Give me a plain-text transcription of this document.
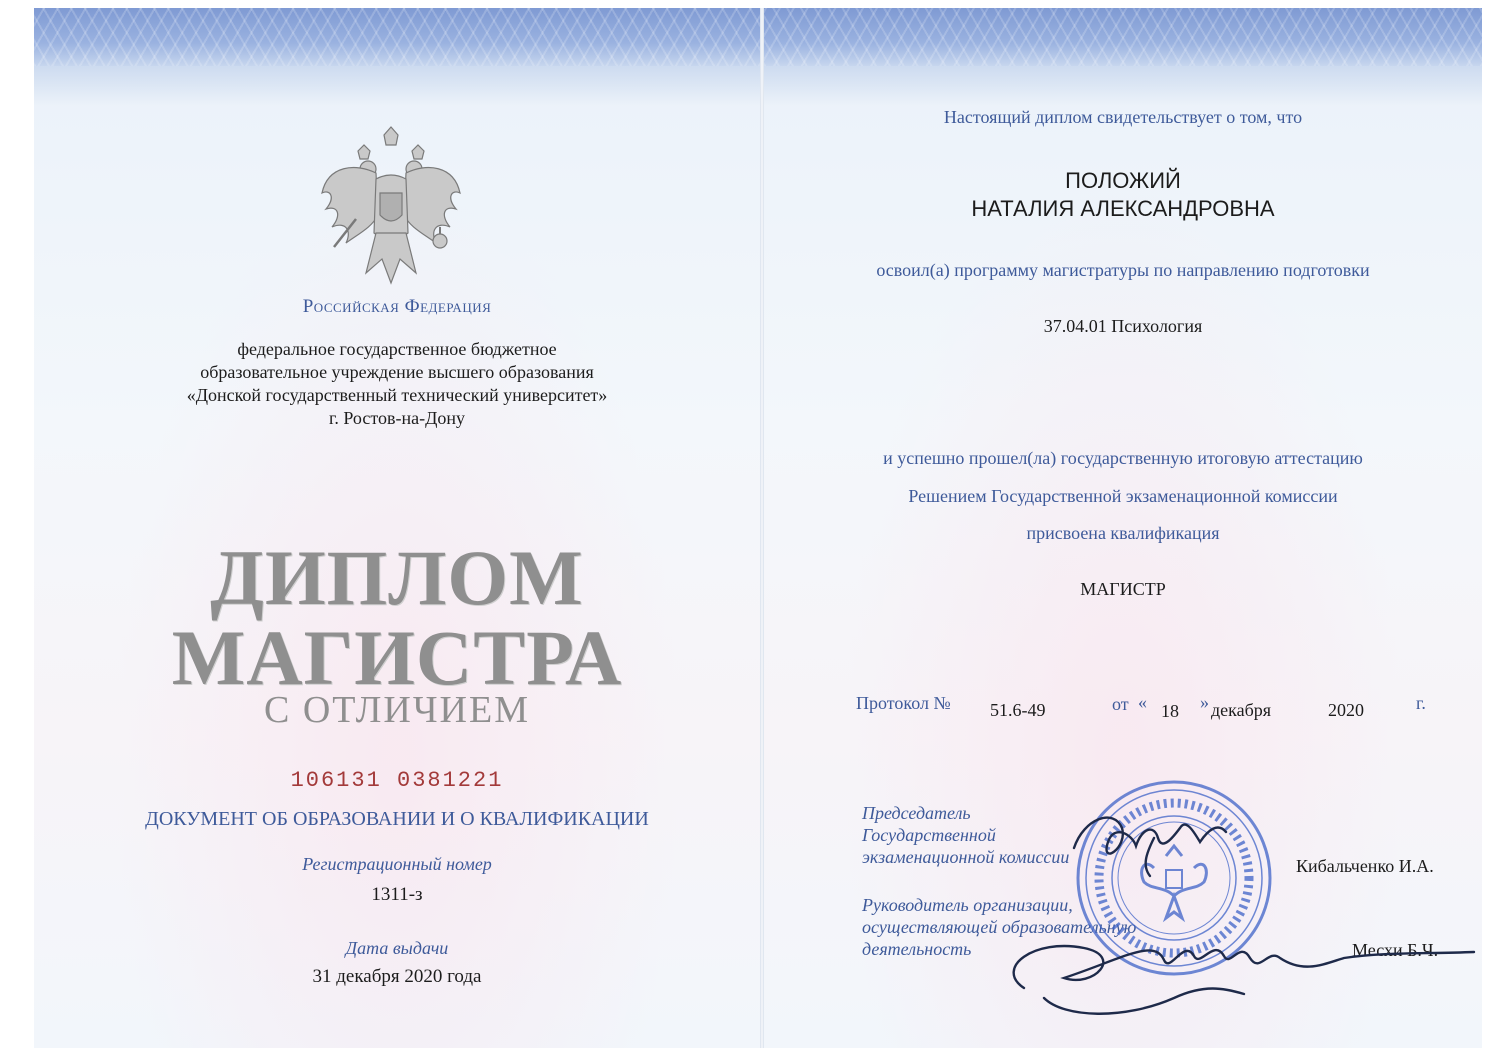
Российская Федерация
федеральное государственное бюджетное
образовательное учреждение высшего образования
«Донской государственный технический университет»
г. Ростов-на-Дону
ДИПЛОМ
МАГИСТРА
С ОТЛИЧИЕМ
106131 0381221
ДОКУМЕНТ ОБ ОБРАЗОВАНИИ И О КВАЛИФИКАЦИИ
Регистрационный номер
1311-з
Дата выдачи
31 декабря 2020 года
Настоящий диплом свидетельствует о том, что
ПОЛОЖИЙ
НАТАЛИЯ АЛЕКСАНДРОВНА
освоил(а) программу магистратуры по направлению подготовки
37.04.01 Психология
и успешно прошел(ла) государственную итоговую аттестацию
Решением Государственной экзаменационной комиссии
присвоена квалификация
МАГИСТР
Протокол № 51.6-49	от « 18 » декабря	2020	г.
Председатель
Государственной
экзаменационной комиссии	Кибальченко И.А.
Руководитель организации,
осуществляющей образовательную
деятельность	Месхи Б.Ч.
